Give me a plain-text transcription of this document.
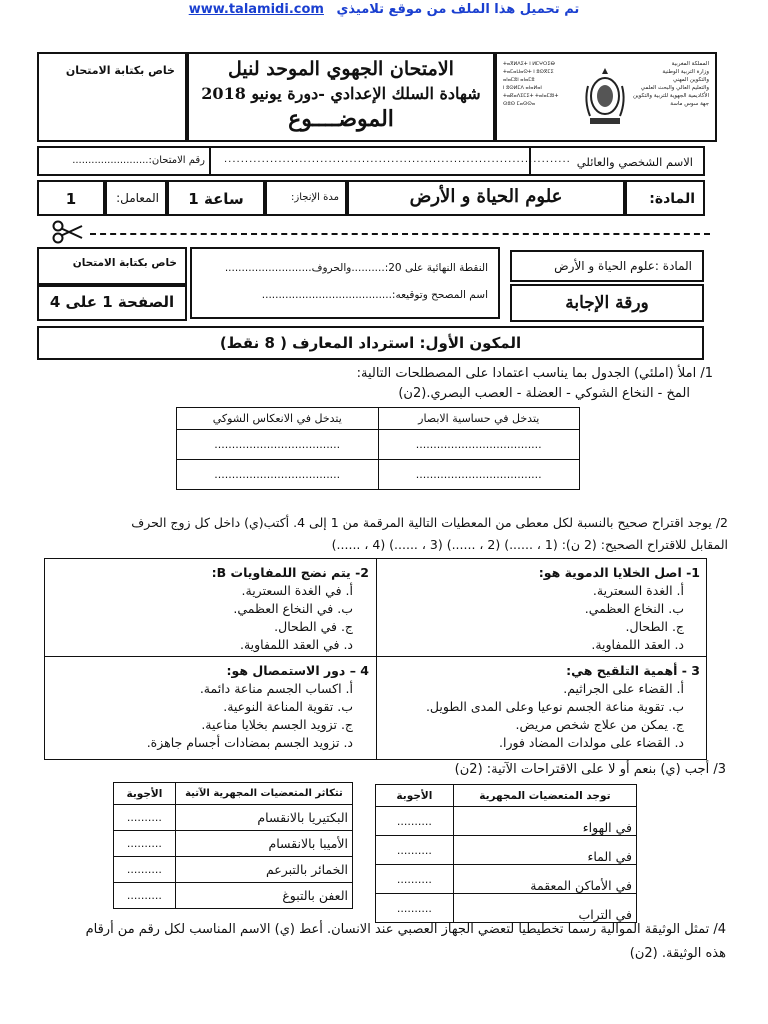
www.talamidi.com تم تحميل هذا الملف من موقع تلاميذي
خاص بكتابة الامتحان	الامتحان الجهوي الموحد لنيل
شهادة السلك الإعدادي -دورة يونيو 2018
الموضــــوع
ⵜⴰⴳⵍⴷⵉⵜ ⵏ ⵍⵎⵖⵔⵉⴱ
ⵜⴰⵎⴰⵡⴰⵙⵜ ⵏ ⵓⵙⴳⵎⵉ
ⴰⵏⴰⵎⵓⵏ ⴰⵏⴰⵎⵓ
ⵏ ⵓⵙⵍⵎⴷ ⴰⵏⴰⵍⴰⵏ
ⵜⴰⴽⴰⴷⵉⵎⵉⵜ ⵜⴰⵏⴰⵎⵓⵏⵜ
ⵙⵓⵙ ⵎⴰⵙⵙⴰ
المملكة المغربية
وزارة التربية الوطنية
والتكوين المهني
والتعليم العالي والبحث العلمي
الأكاديمية الجهوية للتربية والتكوين
جهة سوس ماسة
الاسم الشخصي والعائلي
...................................................................................
رقم الامتحان:........................
المادة:
علوم الحياة و الأرض
مدة الإنجاز:
1 ساعة
المعامل:
1
خاص بكتابة الامتحان
الصفحة 1 على 4
النقطة النهائية على 20:..........والحروف..........................
اسم المصحح وتوقيعه:.......................................
المادة :علوم الحياة و الأرض
ورقة الإجابة
المكون الأول: استرداد المعارف ( 8 نقط)
1/ املأ (املئي) الجدول بما يناسب اعتمادا على المصطلحات التالية:
المخ - النخاع الشوكي - العضلة - العصب البصري.(2ن)
يتدخل في الانعكاس الشوكي	يتدخل في حساسية الابصار
....................................	....................................
....................................	....................................
2/ يوجد اقتراح صحيح بالنسبة لكل معطى من المعطيات التالية المرقمة من 1 إلى 4. أكتب(ي) داخل كل زوج الحرف
المقابل للاقتراح الصحيح: (2 ن): (1 ، ......) (2 ، ......) (3 ، ......) (4 ، ......)
1- اصل الخلايا الدموية هو:
أ. الغدة السعترية.
ب. النخاع العظمي.
ج. الطحال.
د. العقد اللمفاوية.
2- يتم نضج اللمفاويات B:
أ. في الغدة السعترية.
ب. في النخاع العظمي.
ج. في الطحال.
د. في العقد اللمفاوية.
3 - أهمية التلقيح هي:
أ. القضاء على الجراثيم.
ب. تقوية مناعة الجسم نوعيا وعلى المدى الطويل.
ج. يمكن من علاج شخص مريض.
د. القضاء على مولدات المضاد فورا.
4 – دور الاستمصال هو:
أ. اكساب الجسم مناعة دائمة.
ب. تقوية المناعة النوعية.
ج. تزويد الجسم بخلايا مناعية.
د. تزويد الجسم بمضادات أجسام جاهزة.
3/ أجب (ي) بنعم أو لا على الاقتراحات الآتية: (2ن)
الأجوبة	توجد المتعضيات المجهرية
..........	في الهواء
..........	في الماء
..........	في الأماكن المعقمة
..........	في التراب
الأجوبة	تتكاثر المتعضيات المجهرية الآتية
..........	البكتيريا بالانقسام
..........	الأميبا بالانقسام
..........	الخمائر بالتبرعم
..........	العفن بالتبوغ
4/ تمثل الوثيقة الموالية رسما تخطيطيا لتعضي الجهاز العصبي عند الانسان. أعط (ي) الاسم المناسب لكل رقم من أرقام
هذه الوثيقة. (2ن)
